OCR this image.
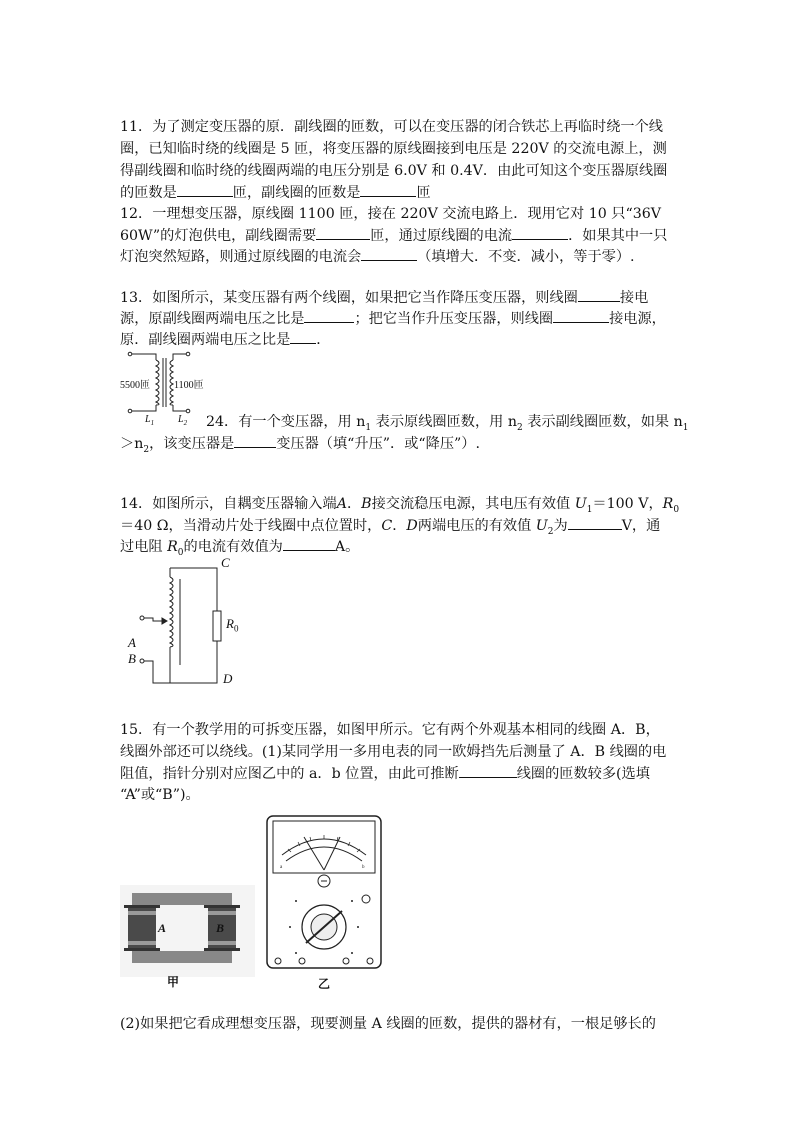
11．为了测定变压器的原．副线圈的匝数，可以在变压器的闭合铁芯上再临时绕一个线
圈，已知临时绕的线圈是 5 匝，将变压器的原线圈接到电压是 220V 的交流电源上，测
得副线圈和临时绕的线圈两端的电压分别是 6.0V 和 0.4V．由此可知这个变压器原线圈
的匝数是	匝，副线圈的匝数是	匝
12．一理想变压器，原线圈 1100 匝，接在 220V 交流电路上．现用它对 10 只“36V
60W”的灯泡供电，副线圈需要	匝，通过原线圈的电流	．如果其中一只
灯泡突然短路，则通过原线圈的电流会	（填增大．不变．减小，等于零）.
13．如图所示，某变压器有两个线圈，如果把它当作降压变压器，则线圈	接电
源，原副线圈两端电压之比是	；把它当作升压变压器，则线圈	接电源，
原．副线圈两端电压之比是 ．
5500匝 1100匝
$L_1$ $L_2$ 24．有一个变压器，用 $n_1$ 表示原线圈匝数，用 $n_2$ 表示副线圈匝数，如果 $n_1$
$>n_2$，该变压器是	变压器（填“升压”．或“降压”）.
14．如图所示，自耦变压器输入端A．B接交流稳压电源，其电压有效值 $U_1=100$ V，$R_0$
＝40 Ω，当滑动片处于线圈中点位置时，C．D两端电压的有效值 $U_2$为	V，通
过电阻 $R_0$的电流有效值为	A。
C
D
A
B
$R_0$
15．有一个教学用的可拆变压器，如图甲所示。它有两个外观基本相同的线圈 A．B，
线圈外部还可以绕线。(1)某同学用一多用电表的同一欧姆挡先后测量了 A．B 线圈的电
阻值，指针分别对应图乙中的 a．b 位置，由此可推断	线圈的匝数较多(选填
“A”或“B”)。
A	B
甲
a	b
乙
(2)如果把它看成理想变压器，现要测量 A 线圈的匝数，提供的器材有，一根足够长的
